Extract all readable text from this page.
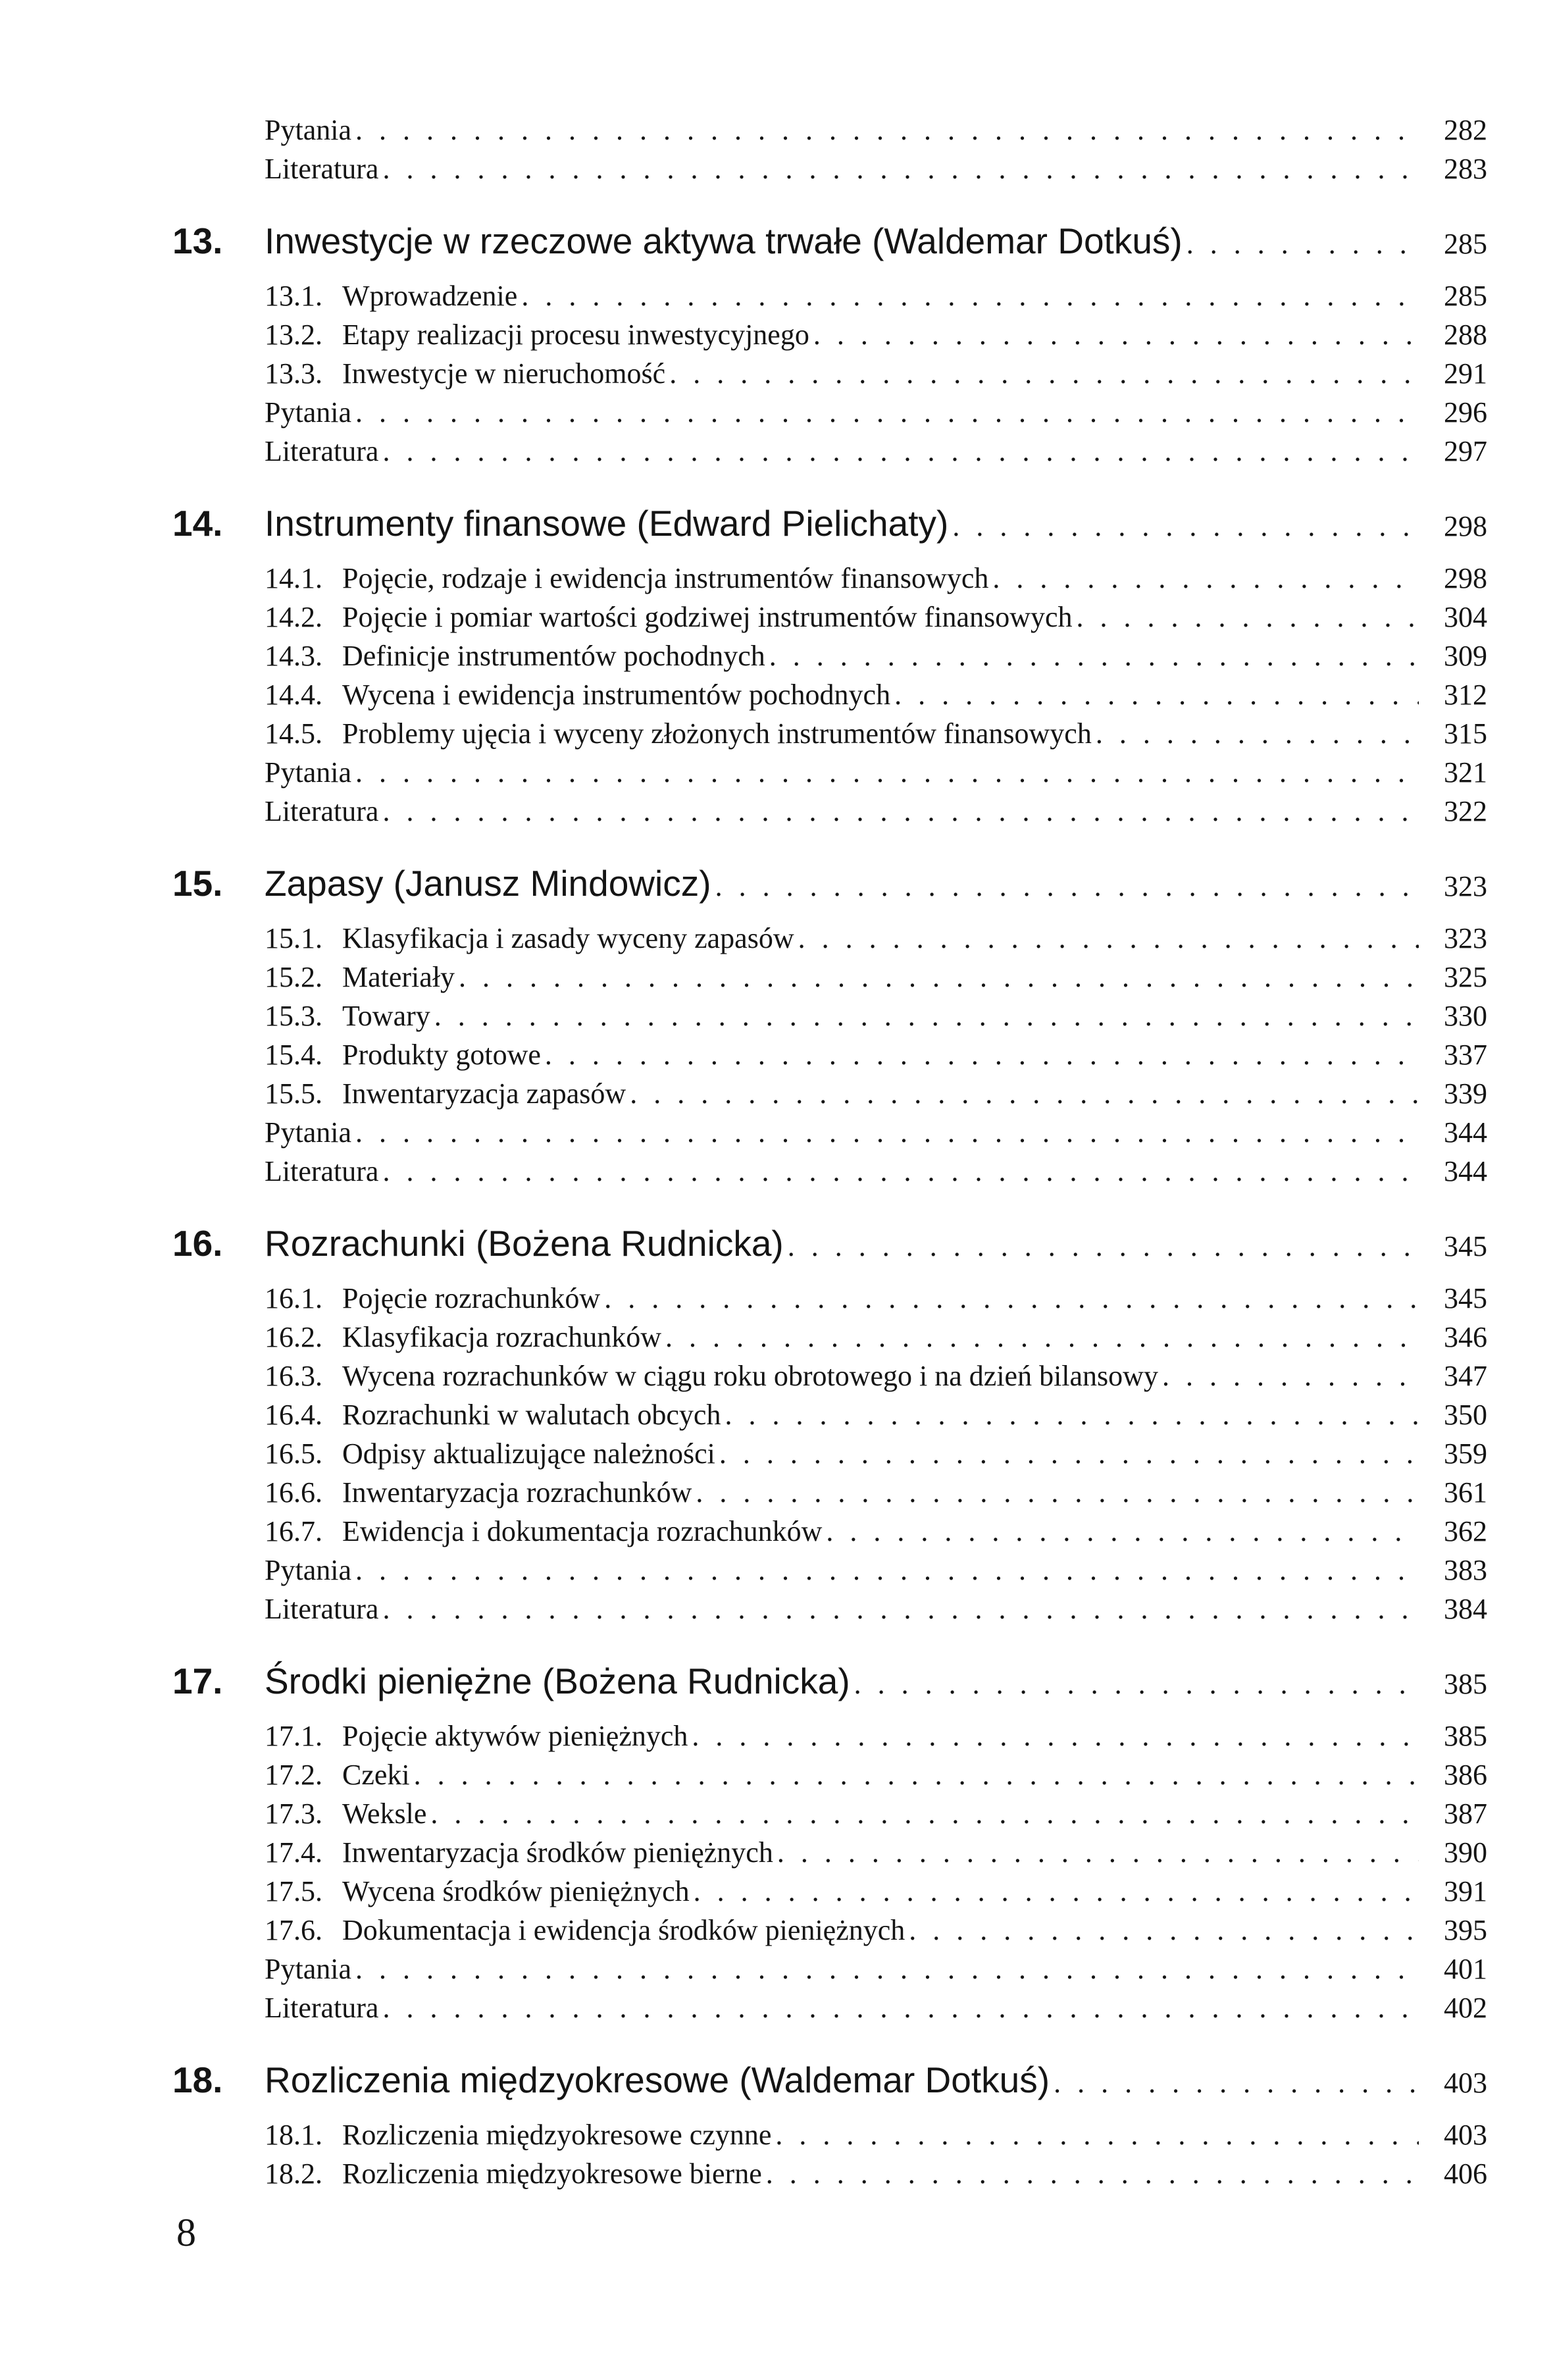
Pytania . . .	282
Literatura . . .	283
13. Inwestycje w rzeczowe aktywa trwałe (Waldemar Dotkuś) . . .	285
13.1. Wprowadzenie . . .	285
13.2. Etapy realizacji procesu inwestycyjnego . . .	288
13.3. Inwestycje w nieruchomość . . .	291
Pytania . . .	296
Literatura . . .	297
14. Instrumenty finansowe (Edward Pielichaty) . . .	298
14.1. Pojęcie, rodzaje i ewidencja instrumentów finansowych . . .	298
14.2. Pojęcie i pomiar wartości godziwej instrumentów finansowych . . .	304
14.3. Definicje instrumentów pochodnych . . .	309
14.4. Wycena i ewidencja instrumentów pochodnych . . .	312
14.5. Problemy ujęcia i wyceny złożonych instrumentów finansowych . . .	315
Pytania . . .	321
Literatura . . .	322
15. Zapasy (Janusz Mindowicz) . . .	323
15.1. Klasyfikacja i zasady wyceny zapasów . . .	323
15.2. Materiały . . .	325
15.3. Towary . . .	330
15.4. Produkty gotowe . . .	337
15.5. Inwentaryzacja zapasów . . .	339
Pytania . . .	344
Literatura . . .	344
16. Rozrachunki (Bożena Rudnicka) . . .	345
16.1. Pojęcie rozrachunków . . .	345
16.2. Klasyfikacja rozrachunków . . .	346
16.3. Wycena rozrachunków w ciągu roku obrotowego i na dzień bilansowy . . .	347
16.4. Rozrachunki w walutach obcych . . .	350
16.5. Odpisy aktualizujące należności . . .	359
16.6. Inwentaryzacja rozrachunków . . .	361
16.7. Ewidencja i dokumentacja rozrachunków . . .	362
Pytania . . .	383
Literatura . . .	384
17. Środki pieniężne (Bożena Rudnicka) . . .	385
17.1. Pojęcie aktywów pieniężnych . . .	385
17.2. Czeki . . .	386
17.3. Weksle . . .	387
17.4. Inwentaryzacja środków pieniężnych . . .	390
17.5. Wycena środków pieniężnych . . .	391
17.6. Dokumentacja i ewidencja środków pieniężnych . . .	395
Pytania . . .	401
Literatura . . .	402
18. Rozliczenia międzyokresowe (Waldemar Dotkuś) . . .	403
18.1. Rozliczenia międzyokresowe czynne . . .	403
18.2. Rozliczenia międzyokresowe bierne . . .	406
8
